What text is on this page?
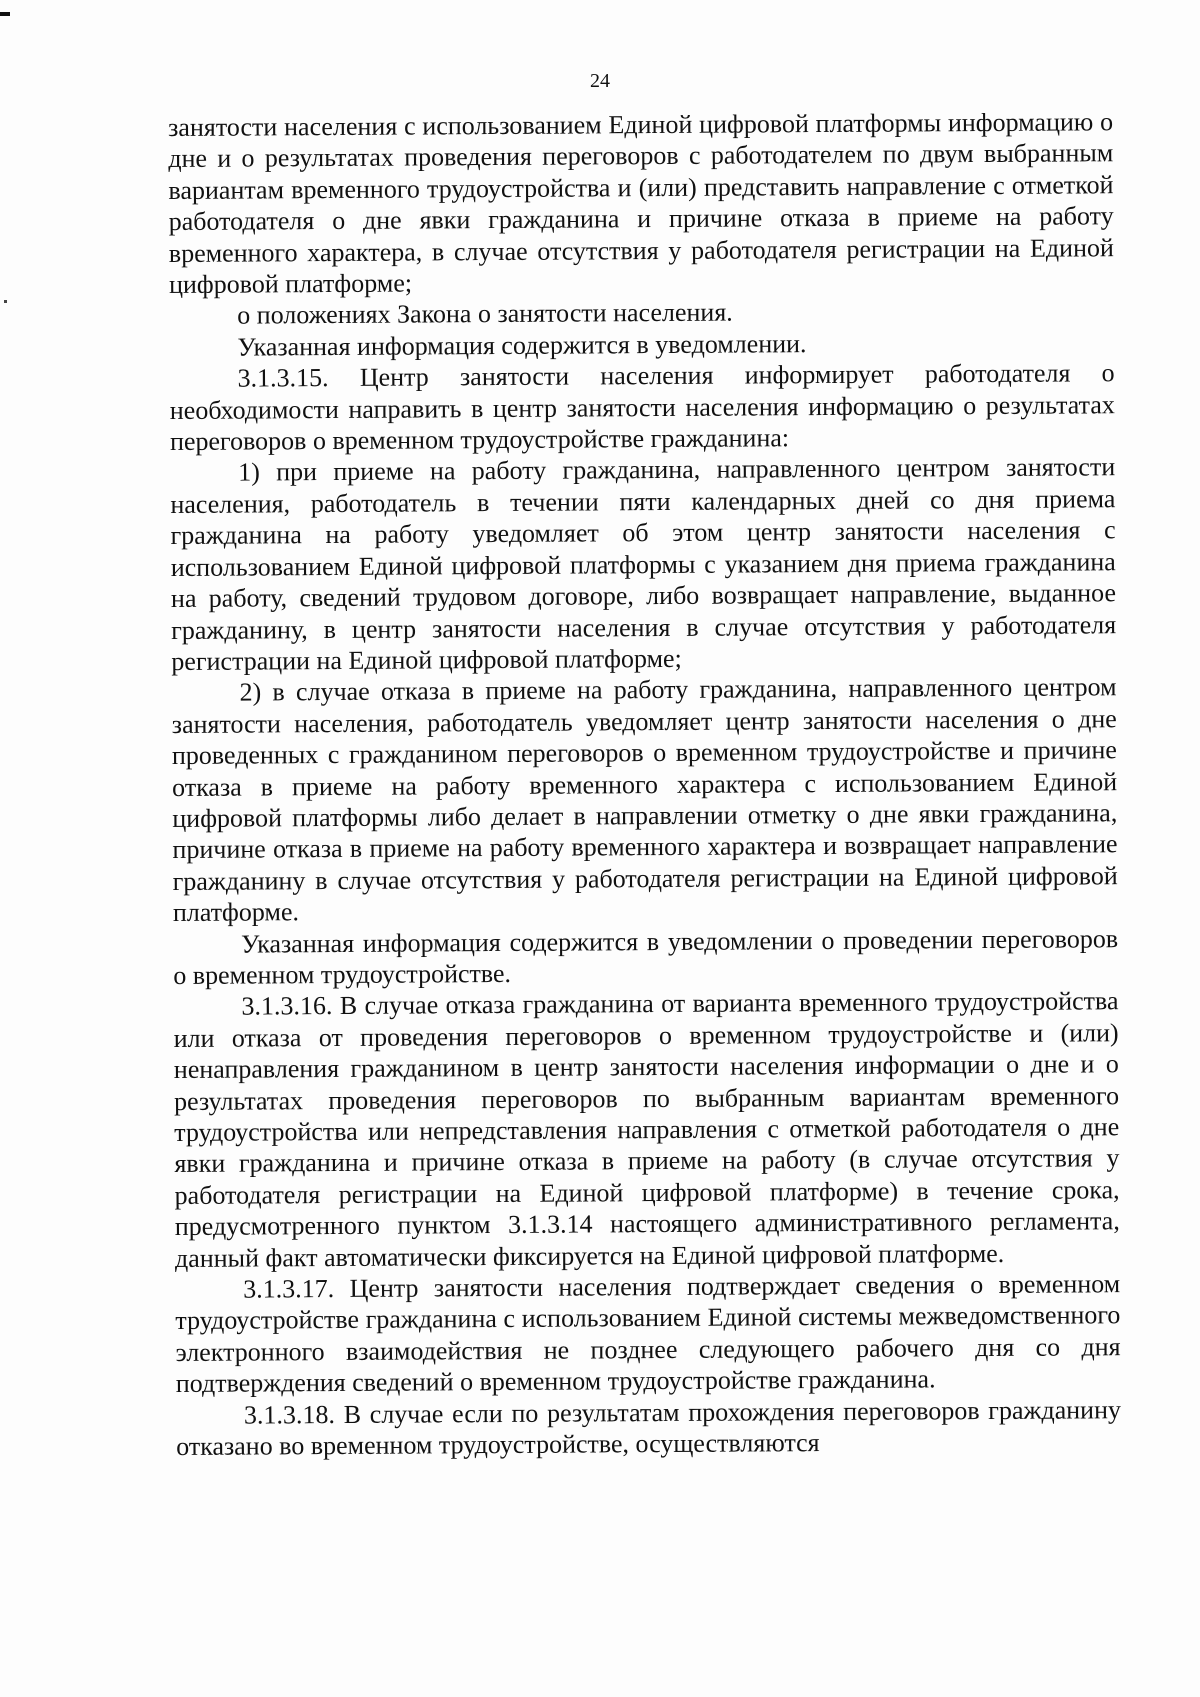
24

занятости населения с использованием Единой цифровой платформы информацию о дне и о результатах проведения переговоров с работодателем по двум выбранным вариантам временного трудоустройства и (или) представить направление с отметкой работодателя о дне явки гражданина и причине отказа в приеме на работу временного характера, в случае отсутствия у работодателя регистрации на Единой цифровой платформе;

о положениях Закона о занятости населения.

Указанная информация содержится в уведомлении.

3.1.3.15. Центр занятости населения информирует работодателя о необходимости направить в центр занятости населения информацию о результатах переговоров о временном трудоустройстве гражданина:

1) при приеме на работу гражданина, направленного центром занятости населения, работодатель в течении пяти календарных дней со дня приема гражданина на работу уведомляет об этом центр занятости населения с использованием Единой цифровой платформы с указанием дня приема гражданина на работу, сведений трудовом договоре, либо возвращает направление, выданное гражданину, в центр занятости населения в случае отсутствия у работодателя регистрации на Единой цифровой платформе;

2) в случае отказа в приеме на работу гражданина, направленного центром занятости населения, работодатель уведомляет центр занятости населения о дне проведенных с гражданином переговоров о временном трудоустройстве и причине отказа в приеме на работу временного характера с использованием Единой цифровой платформы либо делает в направлении отметку о дне явки гражданина, причине отказа в приеме на работу временного характера и возвращает направление гражданину в случае отсутствия у работодателя регистрации на Единой цифровой платформе.

Указанная информация содержится в уведомлении о проведении переговоров о временном трудоустройстве.

3.1.3.16. В случае отказа гражданина от варианта временного трудоустройства или отказа от проведения переговоров о временном трудоустройстве и (или) ненаправления гражданином в центр занятости населения информации о дне и о результатах проведения переговоров по выбранным вариантам временного трудоустройства или непредставления направления с отметкой работодателя о дне явки гражданина и причине отказа в приеме на работу (в случае отсутствия у работодателя регистрации на Единой цифровой платформе) в течение срока, предусмотренного пунктом 3.1.3.14 настоящего административного регламента, данный факт автоматически фиксируется на Единой цифровой платформе.

3.1.3.17. Центр занятости населения подтверждает сведения о временном трудоустройстве гражданина с использованием Единой системы межведомственного электронного взаимодействия не позднее следующего рабочего дня со дня подтверждения сведений о временном трудоустройстве гражданина.

3.1.3.18. В случае если по результатам прохождения переговоров гражданину отказано во временном трудоустройстве, осуществляются
